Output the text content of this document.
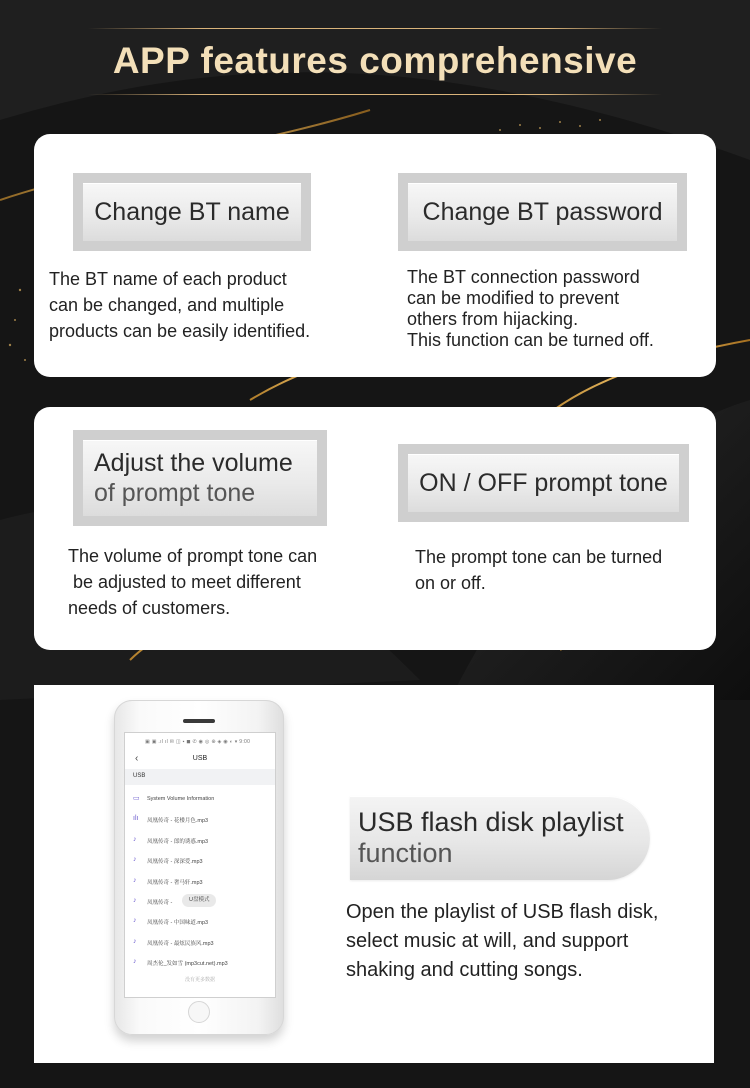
APP features comprehensive
Change BT name

The BT name of each product
can be changed, and multiple
products can be easily identified.

Change BT password

The BT connection password
can be modified to prevent
others from hijacking.
This function can be turned off.

Adjust the volume
of prompt tone

The volume of prompt tone can
be adjusted to meet different
needs of customers.

ON / OFF prompt tone

The prompt tone can be turned
on or off.

▣ ▣ .ıl ıl ✉ ◫ ▪ ◼ ✆ ◉ ◎ ⊕ ◈ ◉ ◐ ▾ 9:00
‹	USB
USB
▭ System Volume Information
ılı 凤凰传奇 - 花楼月色.mp3
♪ 凤凰传奇 - 郎的诱惑.mp3
♪ 凤凰传奇 - 深深爱.mp3
♪ 凤凰传奇 - 奢马轩.mp3
♪ 凤凰传奇 -	U盘模式
♪ 凤凰传奇 - 中国味道.mp3
♪ 凤凰传奇 - 最炫民族风.mp3
♪ 周杰伦_发如雪 (mp3cut.net).mp3
没有更多数据
USB flash disk playlist
function

Open the playlist of USB flash disk,
select music at will, and support
shaking and cutting songs.
